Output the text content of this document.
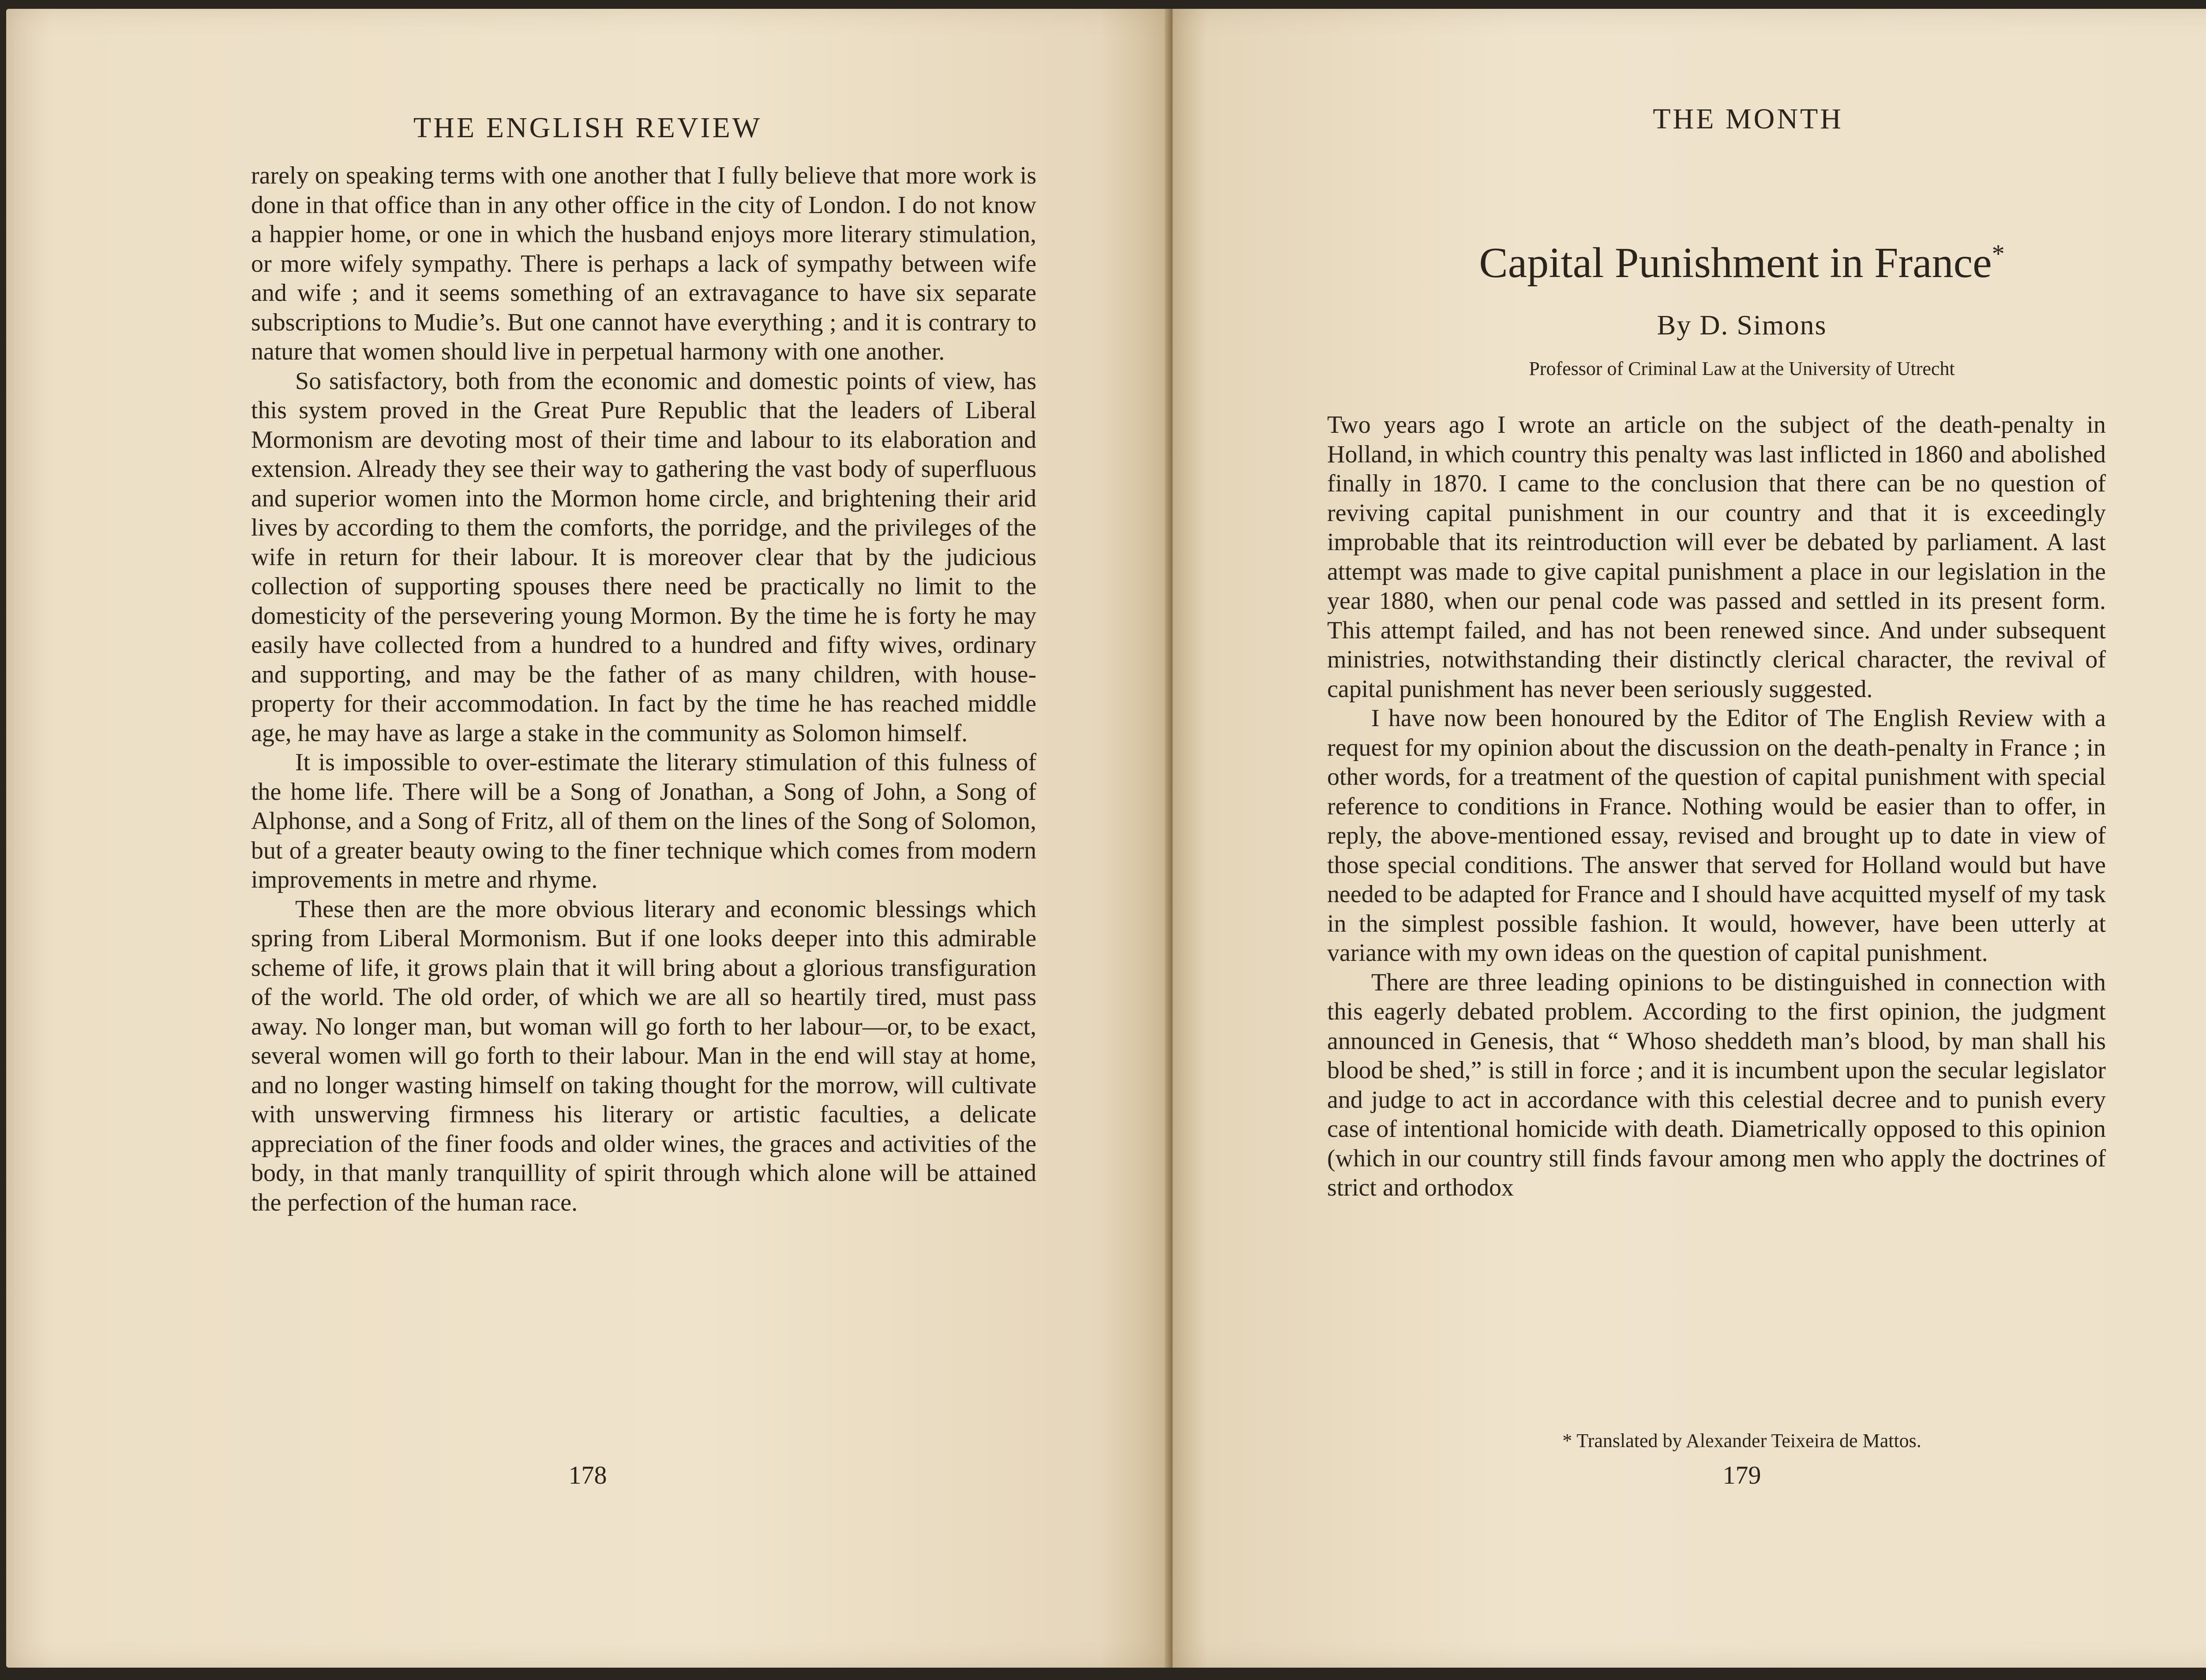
THE ENGLISH REVIEW

rarely on speaking terms with one another that I fully believe that more work is done in that office than in any other office in the city of London. I do not know a happier home, or one in which the husband enjoys more literary stimulation, or more wifely sympathy. There is perhaps a lack of sympathy between wife and wife ; and it seems something of an extravagance to have six separate subscriptions to Mudie’s. But one cannot have everything ; and it is contrary to nature that women should live in perpetual harmony with one another.

So satisfactory, both from the economic and domestic points of view, has this system proved in the Great Pure Republic that the leaders of Liberal Mormonism are devoting most of their time and labour to its elaboration and extension. Already they see their way to gathering the vast body of superfluous and superior women into the Mormon home circle, and brightening their arid lives by according to them the comforts, the porridge, and the privileges of the wife in return for their labour. It is moreover clear that by the judicious collection of supporting spouses there need be practically no limit to the domesticity of the persevering young Mormon. By the time he is forty he may easily have collected from a hundred to a hundred and fifty wives, ordinary and supporting, and may be the father of as many children, with house-property for their accommodation. In fact by the time he has reached middle age, he may have as large a stake in the community as Solomon himself.

It is impossible to over-estimate the literary stimulation of this fulness of the home life. There will be a Song of Jonathan, a Song of John, a Song of Alphonse, and a Song of Fritz, all of them on the lines of the Song of Solomon, but of a greater beauty owing to the finer technique which comes from modern improvements in metre and rhyme.

These then are the more obvious literary and economic blessings which spring from Liberal Mormonism. But if one looks deeper into this admirable scheme of life, it grows plain that it will bring about a glorious transfiguration of the world. The old order, of which we are all so heartily tired, must pass away. No longer man, but woman will go forth to her labour—or, to be exact, several women will go forth to their labour. Man in the end will stay at home, and no longer wasting himself on taking thought for the morrow, will cultivate with unswerving firmness his literary or artistic faculties, a delicate appreciation of the finer foods and older wines, the graces and activities of the body, in that manly tranquillity of spirit through which alone will be attained the perfection of the human race.

178
THE MONTH
Capital Punishment in France*
By D. Simons
Professor of Criminal Law at the University of Utrecht

Two years ago I wrote an article on the subject of the death-penalty in Holland, in which country this penalty was last inflicted in 1860 and abolished finally in 1870. I came to the conclusion that there can be no question of reviving capital punishment in our country and that it is exceedingly improbable that its reintroduction will ever be debated by parliament. A last attempt was made to give capital punishment a place in our legislation in the year 1880, when our penal code was passed and settled in its present form. This attempt failed, and has not been renewed since. And under subsequent ministries, notwithstanding their distinctly clerical character, the revival of capital punishment has never been seriously suggested.

I have now been honoured by the Editor of The English Review with a request for my opinion about the discussion on the death-penalty in France ; in other words, for a treatment of the question of capital punishment with special reference to conditions in France. Nothing would be easier than to offer, in reply, the above-mentioned essay, revised and brought up to date in view of those special conditions. The answer that served for Holland would but have needed to be adapted for France and I should have acquitted myself of my task in the simplest possible fashion. It would, however, have been utterly at variance with my own ideas on the question of capital punishment.

There are three leading opinions to be distinguished in connection with this eagerly debated problem. According to the first opinion, the judgment announced in Genesis, that “ Whoso sheddeth man’s blood, by man shall his blood be shed,” is still in force ; and it is incumbent upon the secular legislator and judge to act in accordance with this celestial decree and to punish every case of intentional homicide with death. Diametrically opposed to this opinion (which in our country still finds favour among men who apply the doctrines of strict and orthodox

* Translated by Alexander Teixeira de Mattos.
179
